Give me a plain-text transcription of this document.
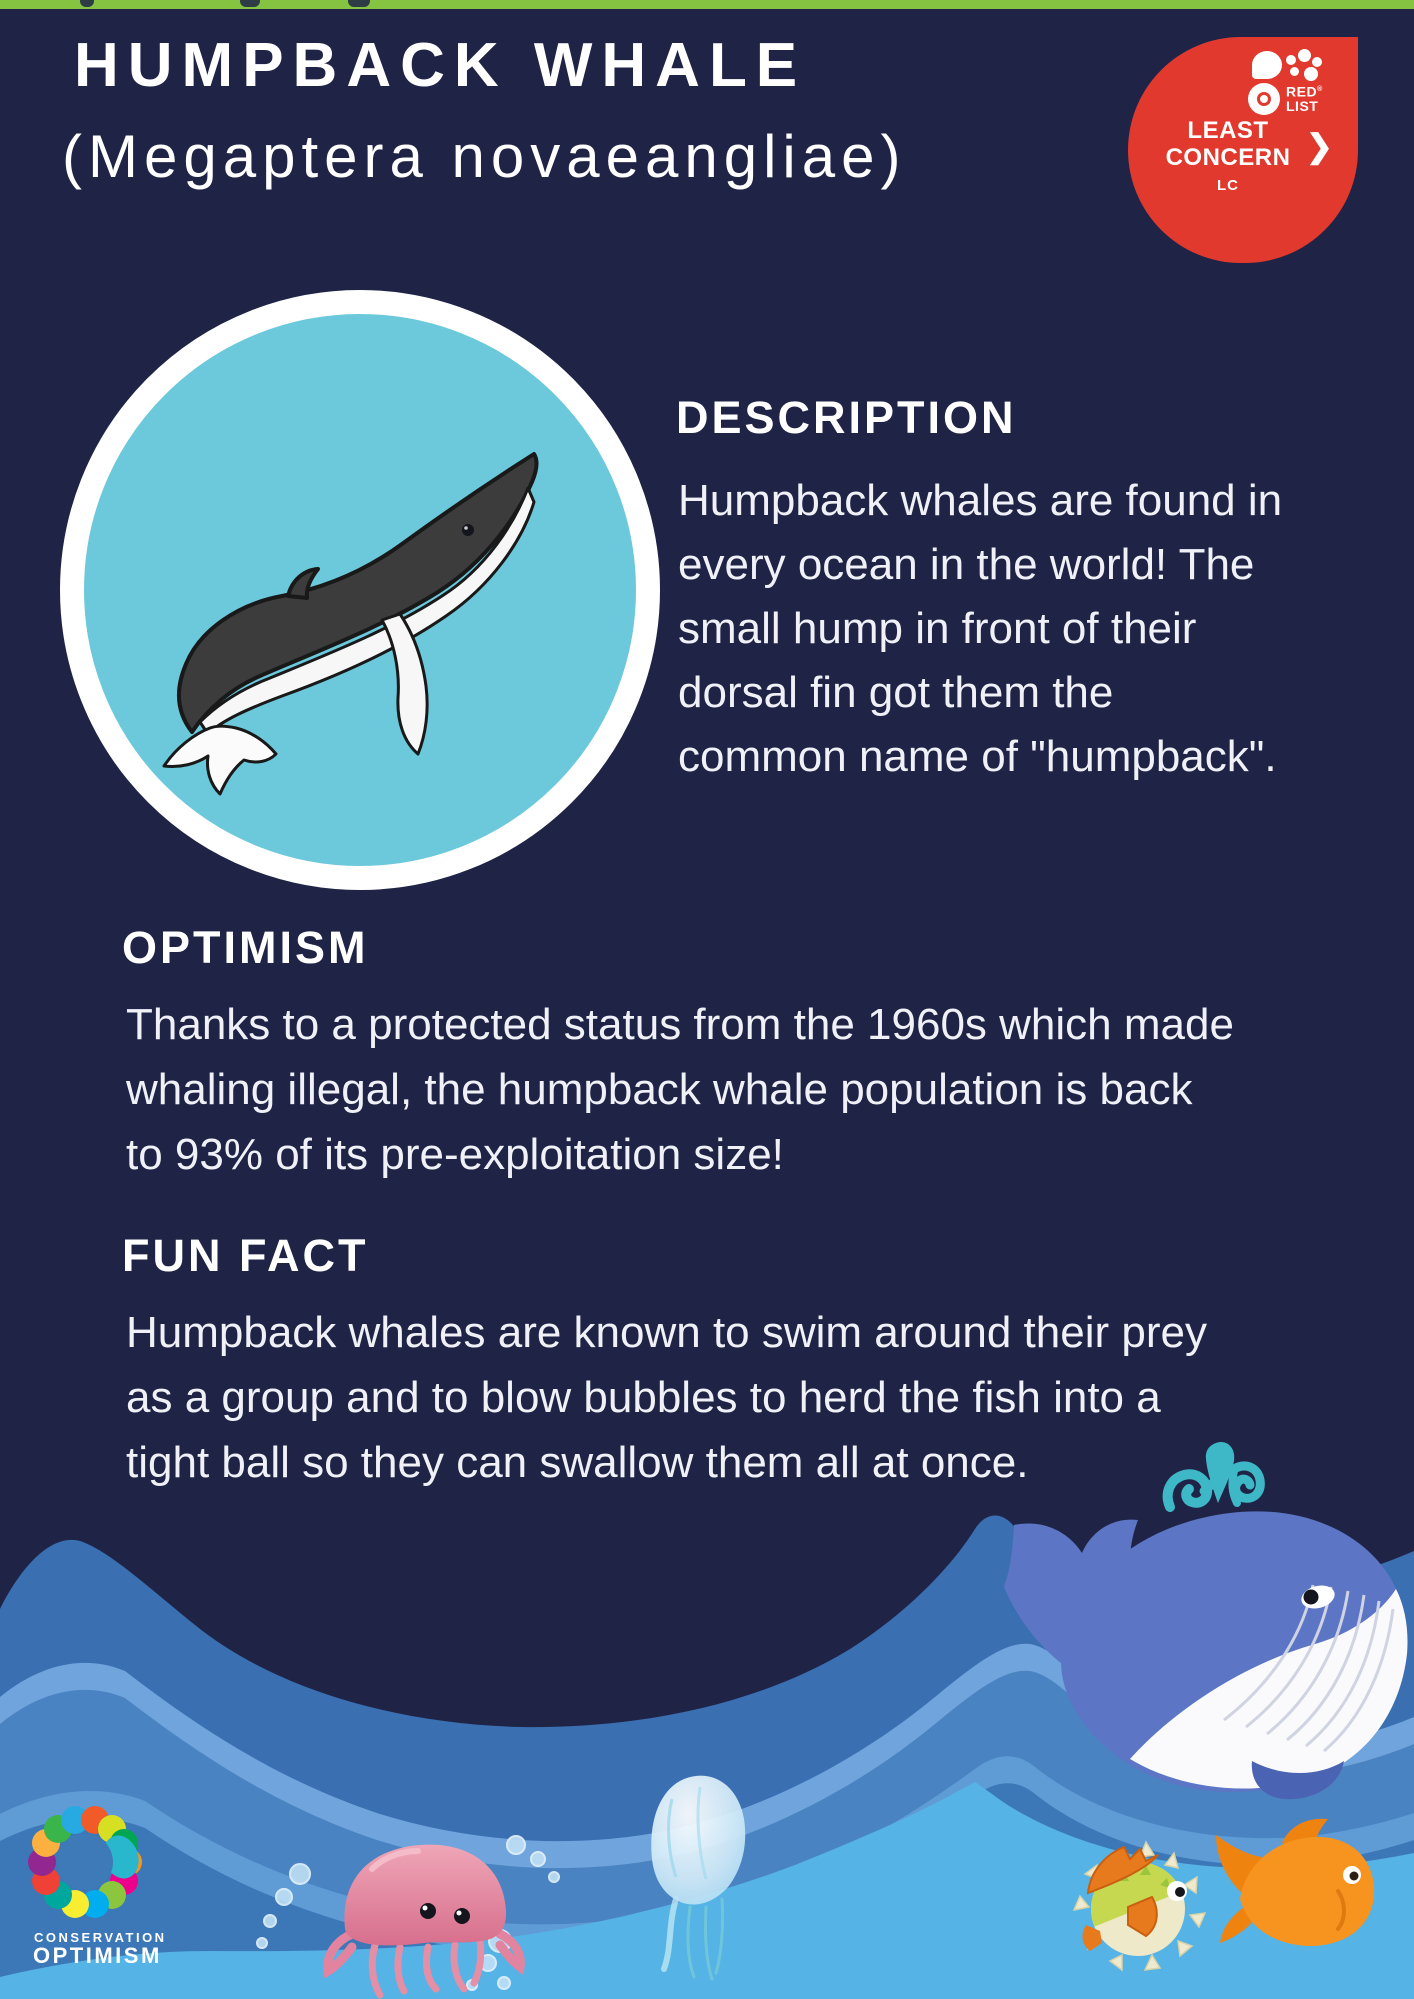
HUMPBACK WHALE
(Megaptera novaeangliae)
RED®
LIST
LEAST CONCERN ❯
LC
DESCRIPTION
Humpback whales are found in
every ocean in the world! The
small hump in front of their
dorsal fin got them the
common name of "humpback".
OPTIMISM
Thanks to a protected status from the 1960s which made
whaling illegal, the humpback whale population is back
to 93% of its pre-exploitation size!
FUN FACT
Humpback whales are known to swim around their prey
as a group and to blow bubbles to herd the fish into a
tight ball so they can swallow them all at once.
CONSERVATION
OPTIMISM
